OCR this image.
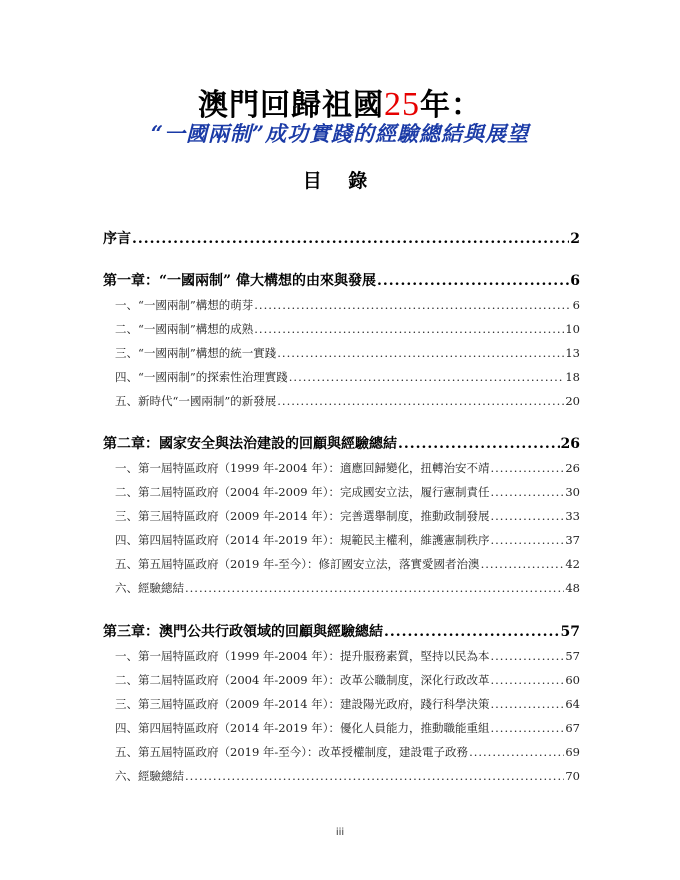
澳門回歸祖國25年：
“一國兩制”成功實踐的經驗總結與展望
目 錄
序言 .....	2
第一章：“一國兩制” 偉大構想的由來與發展 .....	6
一、“一國兩制”構想的萌芽 .....	6
二、“一國兩制”構想的成熟 .....	10
三、“一國兩制”構想的統一實踐 .....	13
四、“一國兩制”的探索性治理實踐 .....	18
五、新時代“一國兩制”的新發展 .....	20
第二章：國家安全與法治建設的回顧與經驗總結 .....	26
一、第一屆特區政府（1999 年-2004 年）：適應回歸變化，扭轉治安不靖 .....	26
二、第二屆特區政府（2004 年-2009 年）：完成國安立法，履行憲制責任 .....	30
三、第三屆特區政府（2009 年-2014 年）：完善選舉制度，推動政制發展 .....	33
四、第四屆特區政府（2014 年-2019 年）：規範民主權利，維護憲制秩序 .....	37
五、第五屆特區政府（2019 年-至今）：修訂國安立法，落實愛國者治澳 .....	42
六、經驗總結 .....	48
第三章：澳門公共行政領域的回顧與經驗總結 .....	57
一、第一屆特區政府（1999 年-2004 年）：提升服務素質，堅持以民為本 .....	57
二、第二屆特區政府（2004 年-2009 年）：改革公職制度，深化行政改革 .....	60
三、第三屆特區政府（2009 年-2014 年）：建設陽光政府，踐行科學決策 .....	64
四、第四屆特區政府（2014 年-2019 年）：優化人員能力，推動職能重組 .....	67
五、第五屆特區政府（2019 年-至今）：改革授權制度，建設電子政務 .....	69
六、經驗總結 .....	70
iii
